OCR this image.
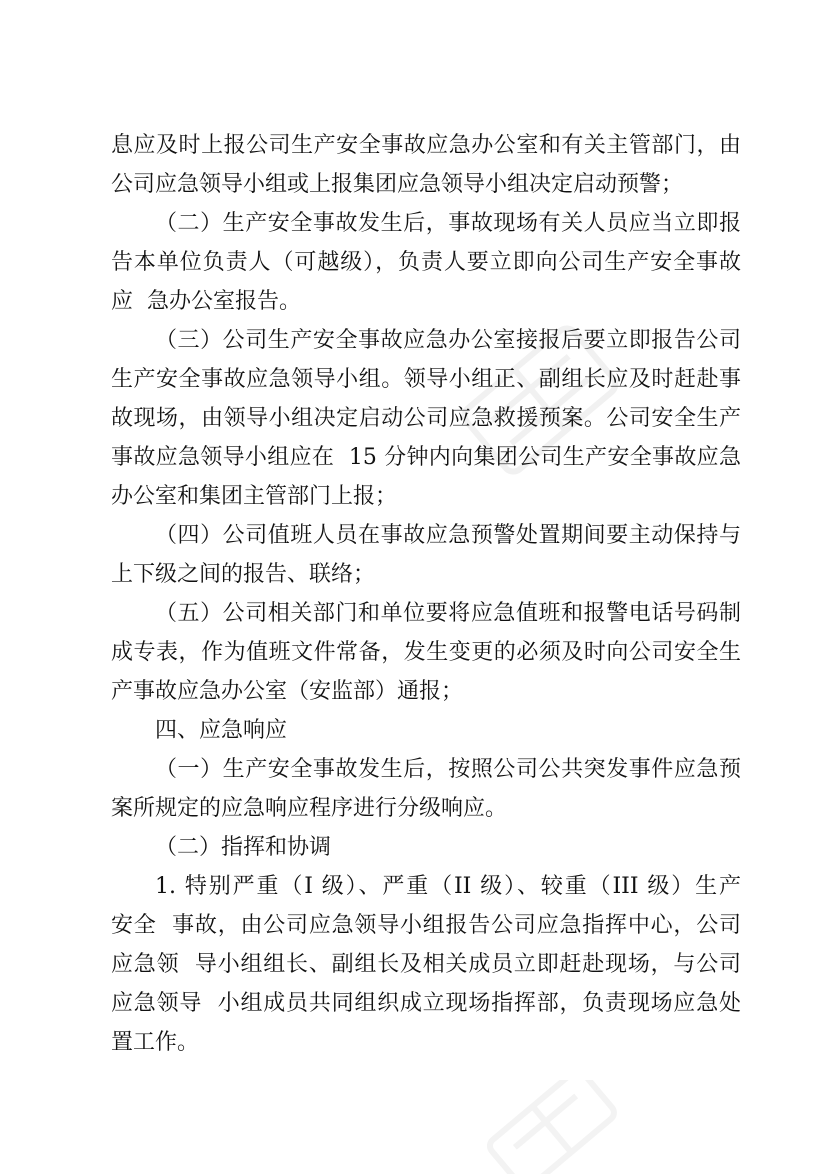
息应及时上报公司生产安全事故应急办公室和有关主管部门，由
公司应急领导小组或上报集团应急领导小组决定启动预警；
（二）生产安全事故发生后，事故现场有关人员应当立即报
告本单位负责人（可越级），负责人要立即向公司生产安全事故
应  急办公室报告。
（三）公司生产安全事故应急办公室接报后要立即报告公司
生产安全事故应急领导小组。领导小组正、副组长应及时赶赴事
故现场，由领导小组决定启动公司应急救援预案。公司安全生产
事故应急领导小组应在  15 分钟内向集团公司生产安全事故应急
办公室和集团主管部门上报；
（四）公司值班人员在事故应急预警处置期间要主动保持与
上下级之间的报告、联络；
（五）公司相关部门和单位要将应急值班和报警电话号码制
成专表，作为值班文件常备，发生变更的必须及时向公司安全生
产事故应急办公室（安监部）通报；
四、应急响应
（一）生产安全事故发生后，按照公司公共突发事件应急预
案所规定的应急响应程序进行分级响应。
（二）指挥和协调
1. 特别严重（I 级）、严重（II 级）、较重（III 级）生产
安全  事故，由公司应急领导小组报告公司应急指挥中心，公司
应急领  导小组组长、副组长及相关成员立即赶赴现场，与公司
应急领导  小组成员共同组织成立现场指挥部，负责现场应急处
置工作。
